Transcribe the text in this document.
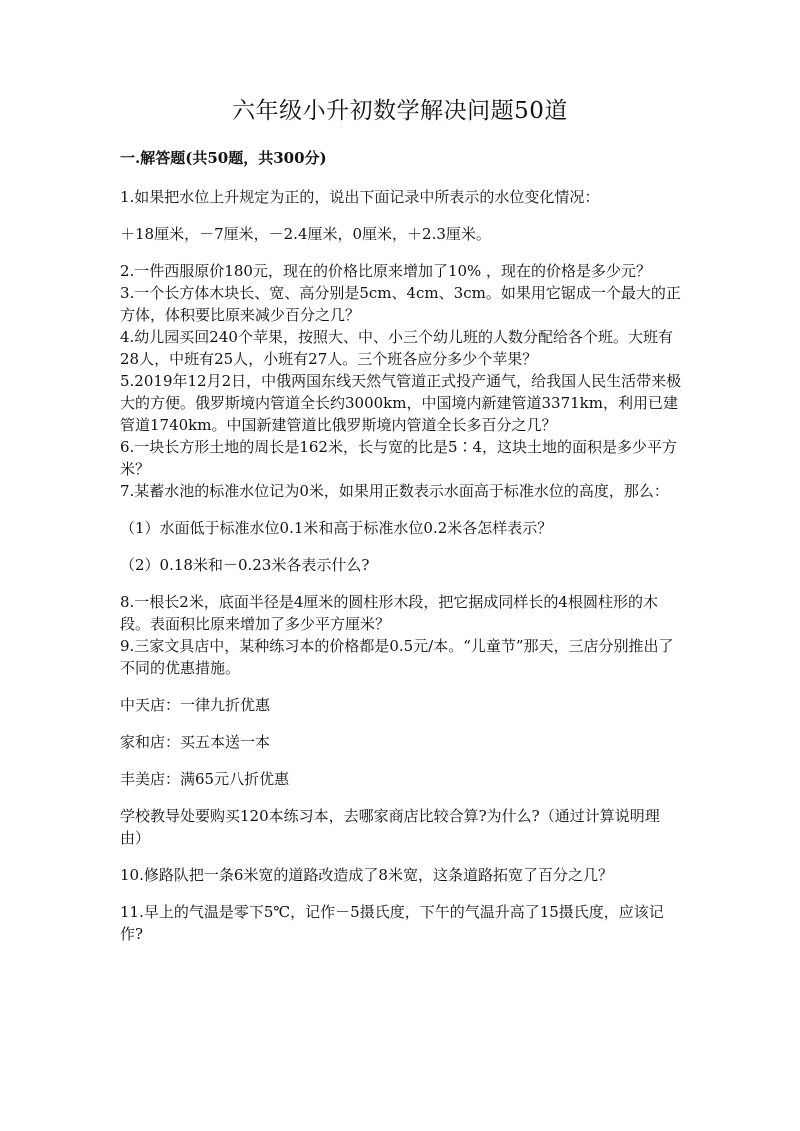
六年级小升初数学解决问题50道
一.解答题(共50题，共300分)

1.如果把水位上升规定为正的，说出下面记录中所表示的水位变化情况：

＋18厘米，－7厘米，－2.4厘米，0厘米，＋2.3厘米。

2.一件西服原价180元，现在的价格比原来增加了10% ，现在的价格是多少元？

3.一个长方体木块长、宽、高分别是5cm、4cm、3cm。如果用它锯成一个最大的正方体，体积要比原来减少百分之几？

4.幼儿园买回240个苹果，按照大、中、小三个幼儿班的人数分配给各个班。大班有28人，中班有25人，小班有27人。三个班各应分多少个苹果？

5.2019年12月2日，中俄两国东线天然气管道正式投产通气，给我国人民生活带来极大的方便。俄罗斯境内管道全长约3000km，中国境内新建管道3371km，利用已建管道1740km。中国新建管道比俄罗斯境内管道全长多百分之几？

6.一块长方形土地的周长是162米，长与宽的比是5∶4，这块土地的面积是多少平方米？

7.某蓄水池的标准水位记为0米，如果用正数表示水面高于标准水位的高度，那么：

（1）水面低于标准水位0.1米和高于标准水位0.2米各怎样表示？

（2）0.18米和－0.23米各表示什么?

8.一根长2米，底面半径是4厘米的圆柱形木段，把它据成同样长的4根圆柱形的木段。表面积比原来增加了多少平方厘米？

9.三家文具店中，某种练习本的价格都是0.5元/本。“儿童节”那天，三店分别推出了不同的优惠措施。

中天店：一律九折优惠

家和店：买五本送一本

丰美店：满65元八折优惠

学校教导处要购买120本练习本，去哪家商店比较合算?为什么?（通过计算说明理由）

10.修路队把一条6米宽的道路改造成了8米宽，这条道路拓宽了百分之几？

11.早上的气温是零下5℃，记作－5摄氏度，下午的气温升高了15摄氏度，应该记作?
